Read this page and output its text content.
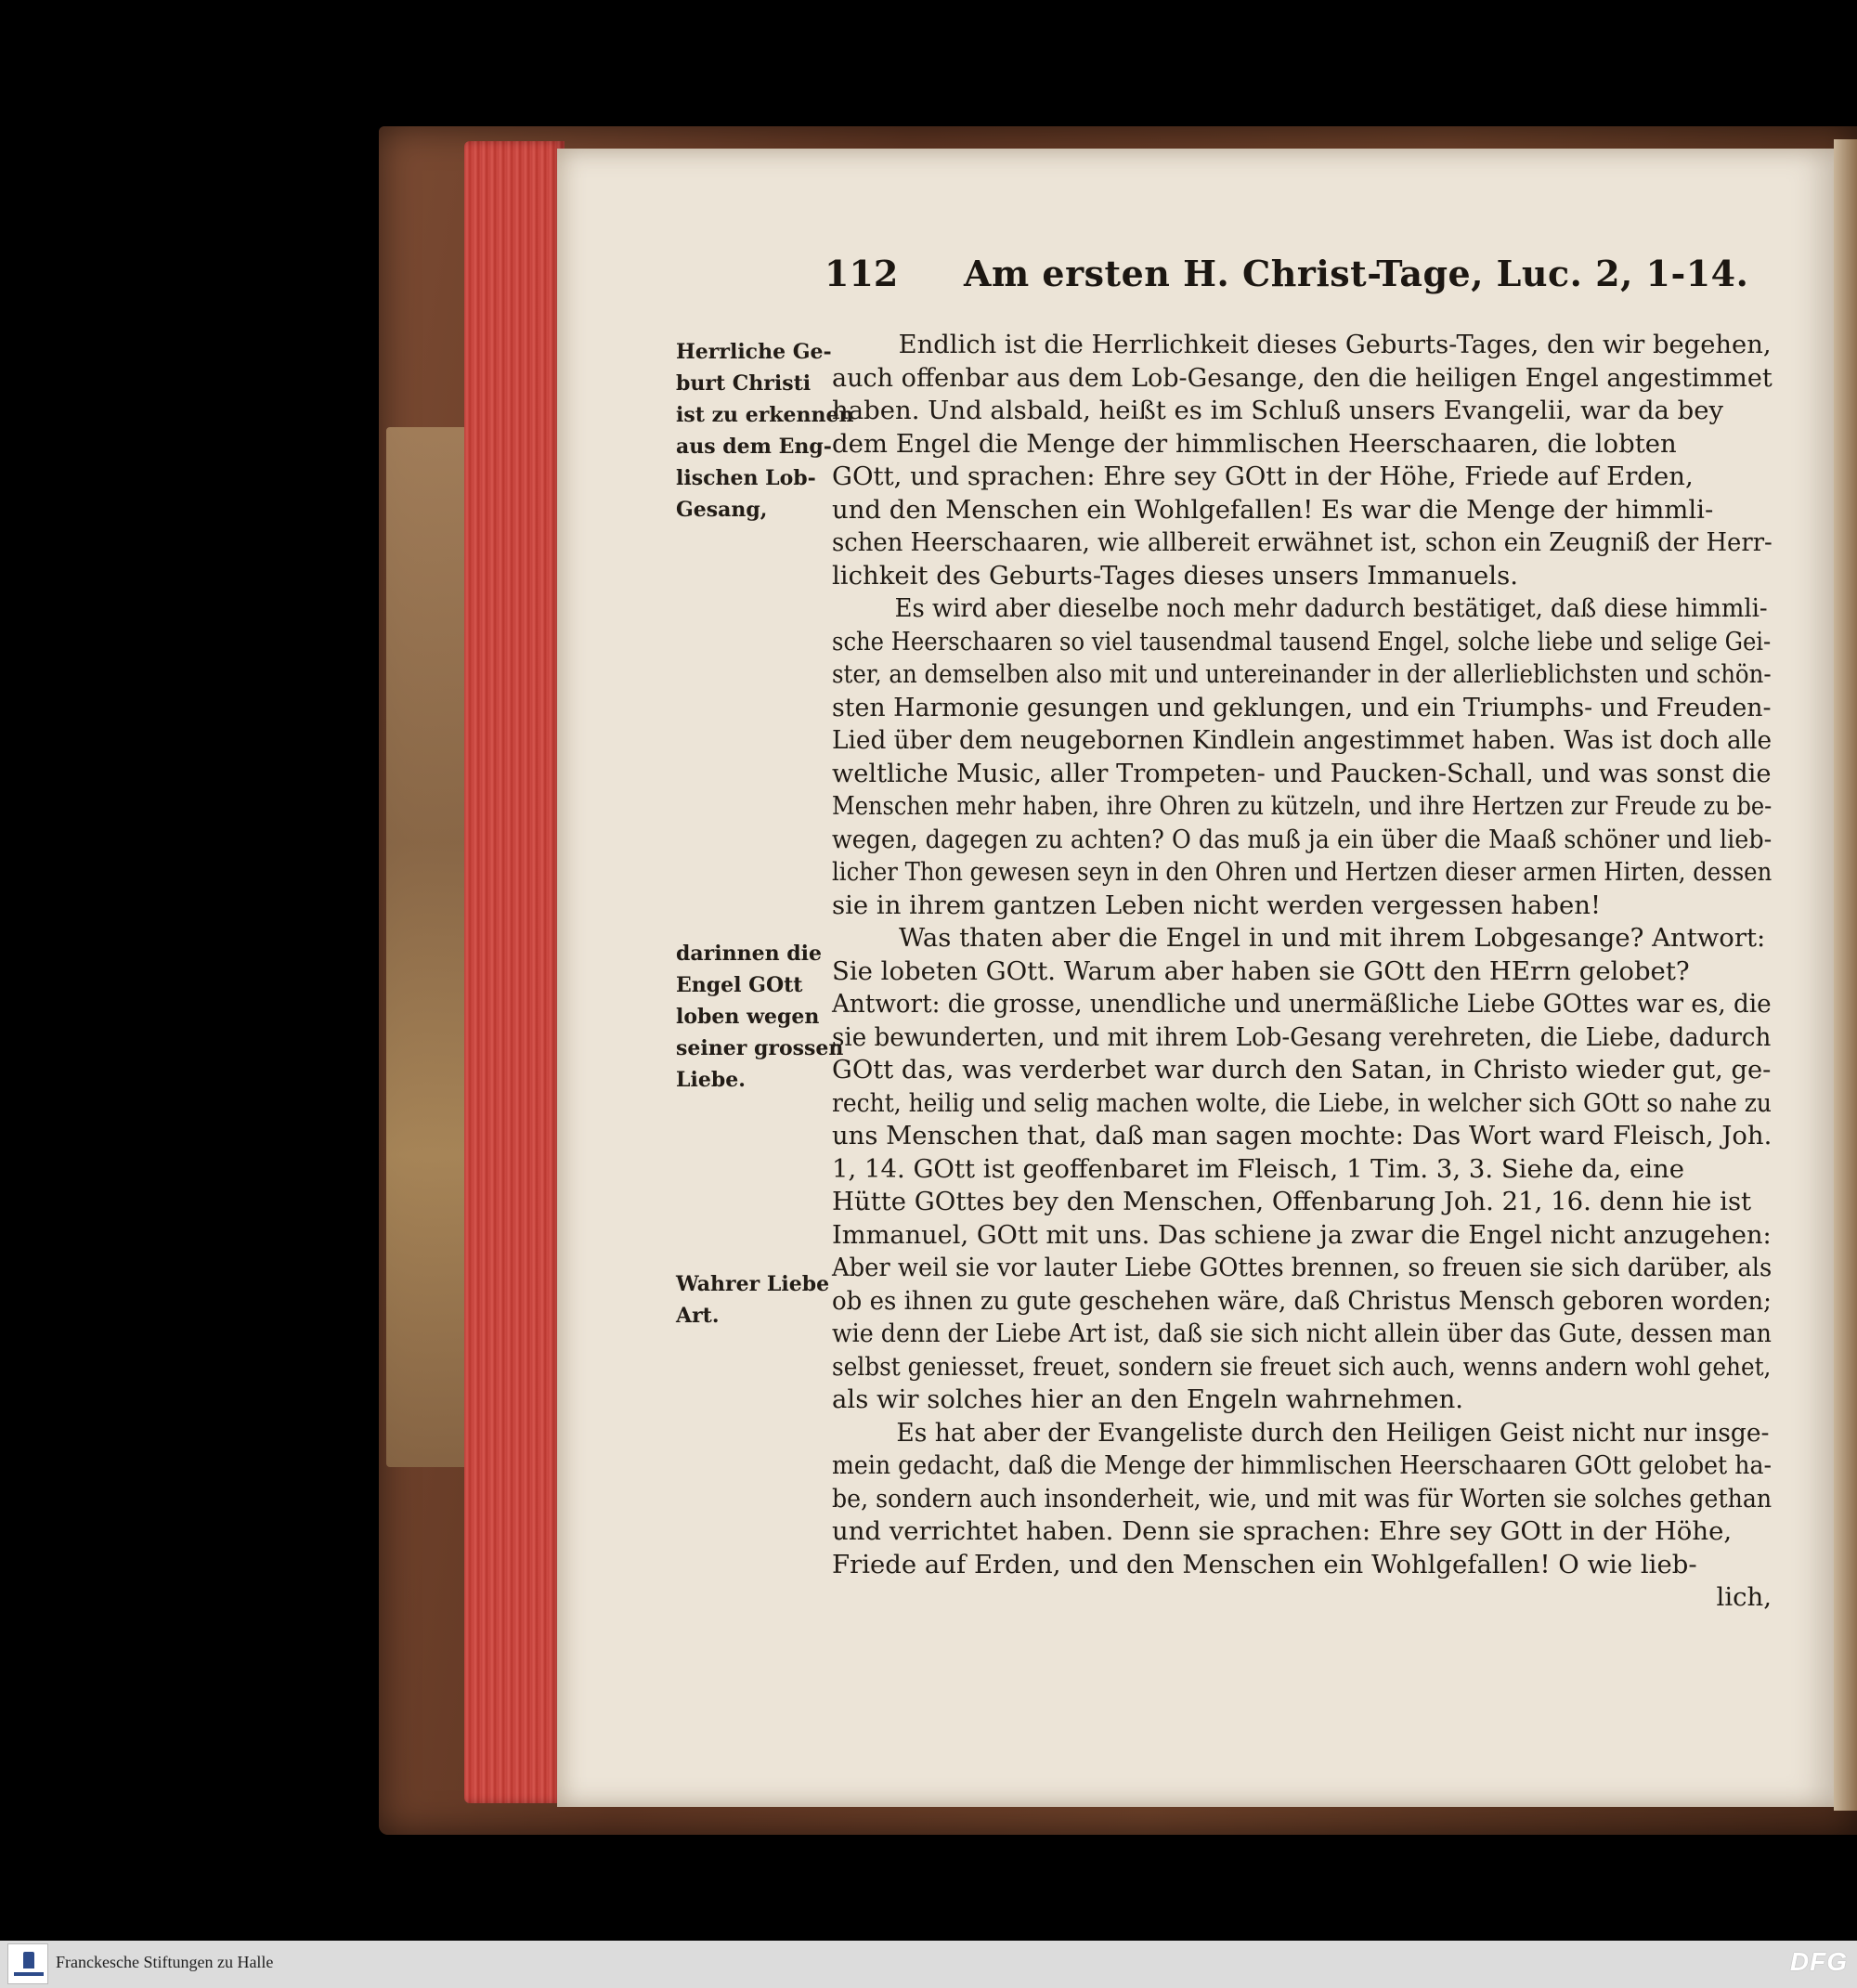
112 Am ersten H. Christ-Tage, Luc. 2, 1-14.
Herrliche Ge-
burt Christi
ist zu erkennen
aus dem Eng-
lischen Lob-
Gesang,
darinnen die
Engel GOtt
loben wegen
seiner grossen
Liebe.
Wahrer Liebe
Art.
Endlich ist die Herrlichkeit dieses Geburts-Tages, den wir begehen,
auch offenbar aus dem Lob-Gesange, den die heiligen Engel angestimmet
haben. Und alsbald, heißt es im Schluß unsers Evangelii, war da bey
dem Engel die Menge der himmlischen Heerschaaren, die lobten
GOtt, und sprachen: Ehre sey GOtt in der Höhe, Friede auf Erden,
und den Menschen ein Wohlgefallen! Es war die Menge der himmli-
schen Heerschaaren, wie allbereit erwähnet ist, schon ein Zeugniß der Herr-
lichkeit des Geburts-Tages dieses unsers Immanuels.
Es wird aber dieselbe noch mehr dadurch bestätiget, daß diese himmli-
sche Heerschaaren so viel tausendmal tausend Engel, solche liebe und selige Gei-
ster, an demselben also mit und untereinander in der allerlieblichsten und schön-
sten Harmonie gesungen und geklungen, und ein Triumphs- und Freuden-
Lied über dem neugebornen Kindlein angestimmet haben. Was ist doch alle
weltliche Music, aller Trompeten- und Paucken-Schall, und was sonst die
Menschen mehr haben, ihre Ohren zu kützeln, und ihre Hertzen zur Freude zu be-
wegen, dagegen zu achten? O das muß ja ein über die Maaß schöner und lieb-
licher Thon gewesen seyn in den Ohren und Hertzen dieser armen Hirten, dessen
sie in ihrem gantzen Leben nicht werden vergessen haben!
Was thaten aber die Engel in und mit ihrem Lobgesange? Antwort:
Sie lobeten GOtt. Warum aber haben sie GOtt den HErrn gelobet?
Antwort: die grosse, unendliche und unermäßliche Liebe GOttes war es, die
sie bewunderten, und mit ihrem Lob-Gesang verehreten, die Liebe, dadurch
GOtt das, was verderbet war durch den Satan, in Christo wieder gut, ge-
recht, heilig und selig machen wolte, die Liebe, in welcher sich GOtt so nahe zu
uns Menschen that, daß man sagen mochte: Das Wort ward Fleisch, Joh.
1, 14. GOtt ist geoffenbaret im Fleisch, 1 Tim. 3, 3. Siehe da, eine
Hütte GOttes bey den Menschen, Offenbarung Joh. 21, 16. denn hie ist
Immanuel, GOtt mit uns. Das schiene ja zwar die Engel nicht anzugehen:
Aber weil sie vor lauter Liebe GOttes brennen, so freuen sie sich darüber, als
ob es ihnen zu gute geschehen wäre, daß Christus Mensch geboren worden;
wie denn der Liebe Art ist, daß sie sich nicht allein über das Gute, dessen man
selbst geniesset, freuet, sondern sie freuet sich auch, wenns andern wohl gehet,
als wir solches hier an den Engeln wahrnehmen.
Es hat aber der Evangeliste durch den Heiligen Geist nicht nur insge-
mein gedacht, daß die Menge der himmlischen Heerschaaren GOtt gelobet ha-
be, sondern auch insonderheit, wie, und mit was für Worten sie solches gethan
und verrichtet haben. Denn sie sprachen: Ehre sey GOtt in der Höhe,
Friede auf Erden, und den Menschen ein Wohlgefallen! O wie lieb-
lich,
Franckesche Stiftungen zu Halle	DFG
